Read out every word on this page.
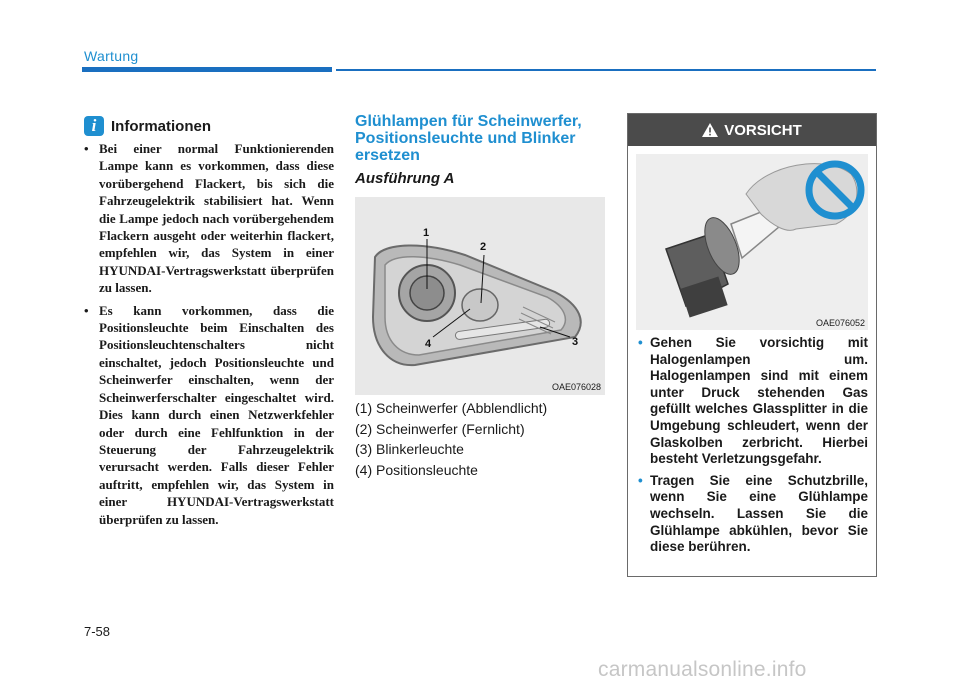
Wartung
i Informationen
• Bei einer normal Funktionierenden Lampe kann es vorkommen, dass diese vorübergehend Flackert, bis sich die Fahrzeugelektrik stabilisiert hat. Wenn die Lampe jedoch nach vorübergehendem Flackern ausgeht oder weiterhin flackert, empfehlen wir, das System in einer HYUNDAI-Vertragswerkstatt überprüfen zu lassen.
• Es kann vorkommen, dass die Positionsleuchte beim Einschalten des Positionsleuchtenschalters nicht einschaltet, jedoch Positionsleuchte und Scheinwerfer einschalten, wenn der Scheinwerferschalter eingeschaltet wird. Dies kann durch einen Netzwerkfehler oder durch eine Fehlfunktion in der Steuerung der Fahrzeugelektrik verursacht werden. Falls dieser Fehler auftritt, empfehlen wir, das System in einer HYUNDAI-Vertragswerkstatt überprüfen zu lassen.
Glühlampen für Scheinwerfer, Positionsleuchte und Blinker ersetzen
Ausführung A
1
2
3
4
OAE076028
(1) Scheinwerfer (Abblendlicht)
(2) Scheinwerfer (Fernlicht)
(3) Blinkerleuchte
(4) Positionsleuchte
VORSICHT
OAE076052
• Gehen Sie vorsichtig mit Halogenlampen um. Halogenlampen sind mit einem unter Druck stehenden Gas gefüllt welches Glassplitter in die Umgebung schleudert, wenn der Glaskolben zerbricht. Hierbei besteht Verletzungsgefahr.
• Tragen Sie eine Schutzbrille, wenn Sie eine Glühlampe wechseln. Lassen Sie die Glühlampe abkühlen, bevor Sie diese berühren.
7-58
carmanualsonline.info
